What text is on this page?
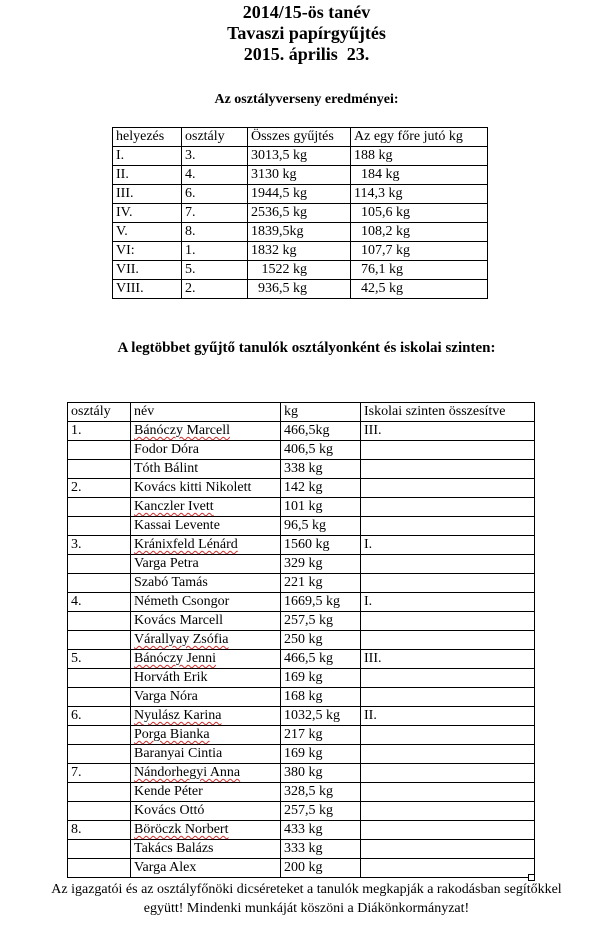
2014/15-ös tanév
Tavaszi papírgyűjtés
2015. április  23.
Az osztályverseny eredményei:
helyezés	osztály	Összes gyűjtés	Az egy főre jutó kg
I.	3.	3013,5 kg	188 kg
II.	4.	3130 kg	184 kg
III.	6.	1944,5 kg	114,3 kg
IV.	7.	2536,5 kg	105,6 kg
V.	8.	1839,5kg	108,2 kg
VI:	1.	1832 kg	107,7 kg
VII.	5.	1522 kg	76,1 kg
VIII.	2.	936,5 kg	42,5 kg
A legtöbbet gyűjtő tanulók osztályonként és iskolai szinten:
osztály	név	kg	Iskolai szinten összesítve
1.	Bánóczy Marcell	466,5kg	III.
	Fodor Dóra	406,5 kg	
	Tóth Bálint	338 kg	
2.	Kovács kitti Nikolett	142 kg	
	Kanczler Ivett	101 kg	
	Kassai Levente	96,5 kg	
3.	Kránixfeld Lénárd	1560 kg	I.
	Varga Petra	329 kg	
	Szabó Tamás	221 kg	
4.	Németh Csongor	1669,5 kg	I.
	Kovács Marcell	257,5 kg	
	Várallyay Zsófia	250 kg	
5.	Bánóczy Jenni	466,5 kg	III.
	Horváth Erik	169 kg	
	Varga Nóra	168 kg	
6.	Nyulász Karina	1032,5 kg	II.
	Porga Bianka	217 kg	
	Baranyai Cintia	169 kg	
7.	Nándorhegyi Anna	380 kg	
	Kende Péter	328,5 kg	
	Kovács Ottó	257,5 kg	
8.	Böröczk Norbert	433 kg	
	Takács Balázs	333 kg	
	Varga Alex	200 kg	
Az igazgatói és az osztályfőnöki dicséreteket a tanulók megkapják a rakodásban segítőkkel
együtt! Mindenki munkáját köszöni a Diákönkormányzat!
